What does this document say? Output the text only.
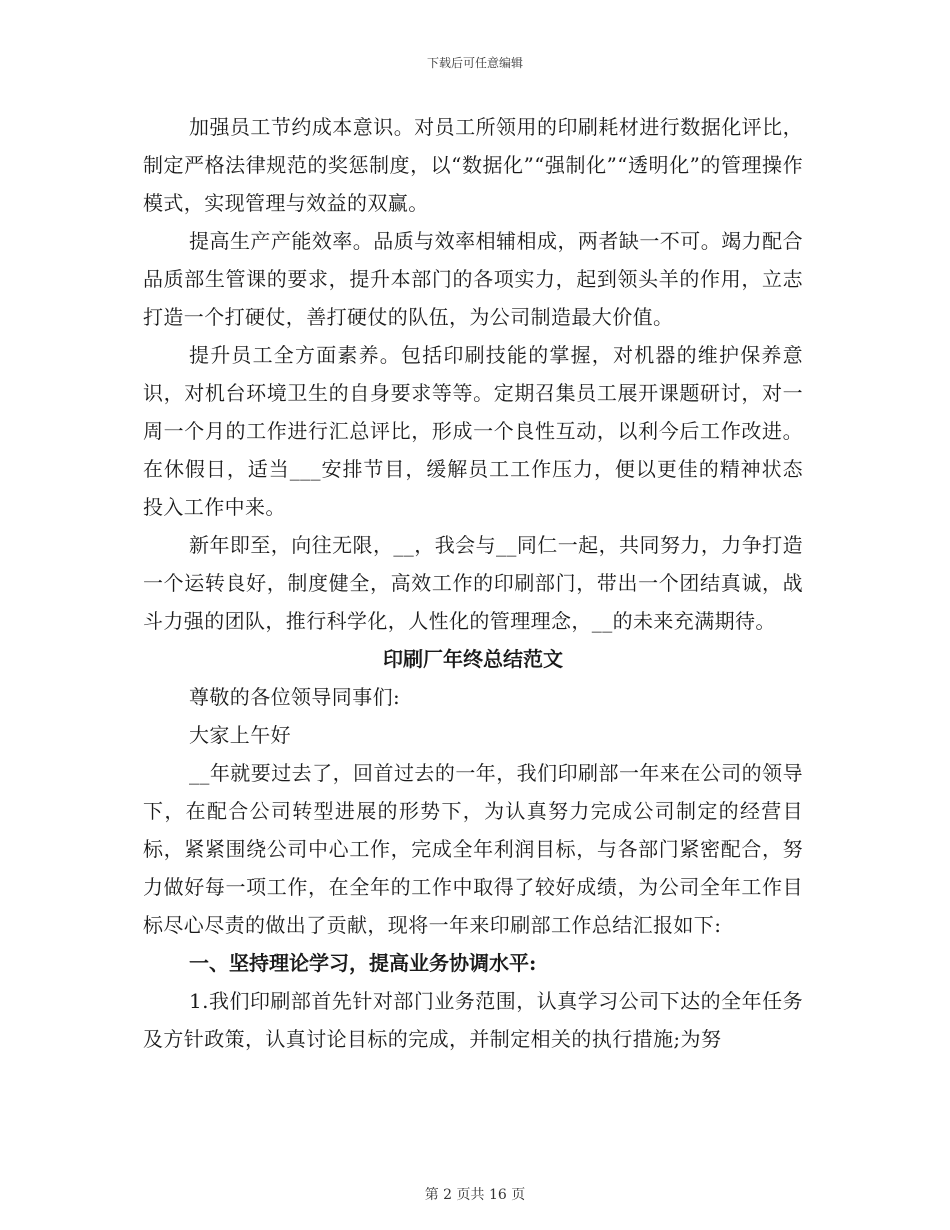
下载后可任意编辑

加强员工节约成本意识。对员工所领用的印刷耗材进行数据化评比，制定严格法律规范的奖惩制度，以“数据化”“强制化”“透明化”的管理操作模式，实现管理与效益的双赢。

提高生产产能效率。品质与效率相辅相成，两者缺一不可。竭力配合品质部生管课的要求，提升本部门的各项实力，起到领头羊的作用，立志打造一个打硬仗，善打硬仗的队伍，为公司制造最大价值。

提升员工全方面素养。包括印刷技能的掌握，对机器的维护保养意识，对机台环境卫生的自身要求等等。定期召集员工展开课题研讨，对一周一个月的工作进行汇总评比，形成一个良性互动，以利今后工作改进。在休假日，适当___安排节目，缓解员工工作压力，便以更佳的精神状态投入工作中来。

新年即至，向往无限，__，我会与__同仁一起，共同努力，力争打造一个运转良好，制度健全，高效工作的印刷部门，带出一个团结真诚，战斗力强的团队，推行科学化，人性化的管理理念，__的未来充满期待。

印刷厂年终总结范文

尊敬的各位领导同事们:

大家上午好

__年就要过去了，回首过去的一年，我们印刷部一年来在公司的领导下，在配合公司转型进展的形势下，为认真努力完成公司制定的经营目标，紧紧围绕公司中心工作，完成全年利润目标，与各部门紧密配合，努力做好每一项工作，在全年的工作中取得了较好成绩，为公司全年工作目标尽心尽责的做出了贡献，现将一年来印刷部工作总结汇报如下:

一、坚持理论学习，提高业务协调水平:

1.我们印刷部首先针对部门业务范围，认真学习公司下达的全年任务及方针政策，认真讨论目标的完成，并制定相关的执行措施;为努

第 2 页共 16 页
